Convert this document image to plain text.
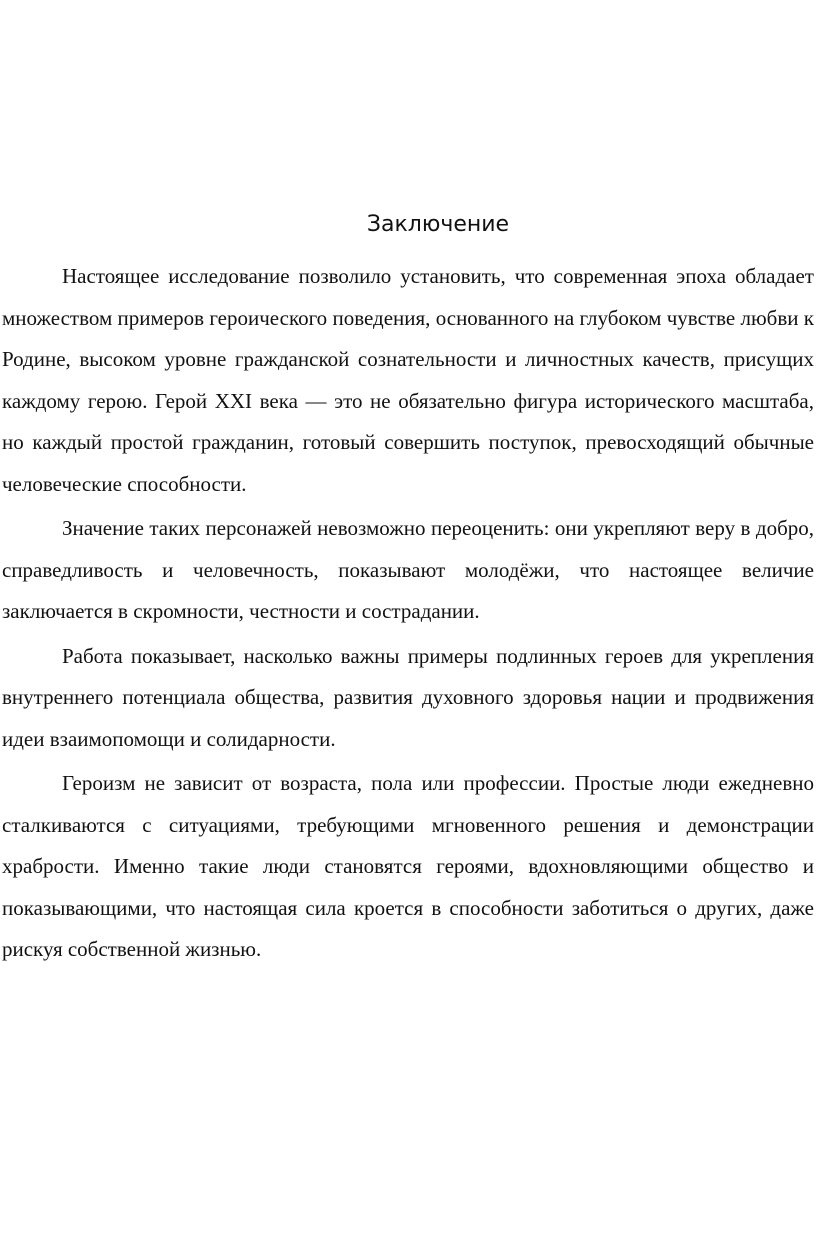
Заключение

Настоящее исследование позволило установить, что современная эпоха обладает множеством примеров героического поведения, основанного на глубоком чувстве любви к Родине, высоком уровне гражданской сознательности и личностных качеств, присущих каждому герою. Герой XXI века — это не обязательно фигура исторического масштаба, но каждый простой гражданин, готовый совершить поступок, превосходящий обычные человеческие способности.

Значение таких персонажей невозможно переоценить: они укрепляют веру в добро, справедливость и человечность, показывают молодёжи, что настоящее величие заключается в скромности, честности и сострадании.

Работа показывает, насколько важны примеры подлинных героев для укрепления внутреннего потенциала общества, развития духовного здоровья нации и продвижения идеи взаимопомощи и солидарности.

Героизм не зависит от возраста, пола или профессии. Простые люди ежедневно сталкиваются с ситуациями, требующими мгновенного решения и демонстрации храбрости. Именно такие люди становятся героями, вдохновляющими общество и показывающими, что настоящая сила кроется в способности заботиться о других, даже рискуя собственной жизнью.
